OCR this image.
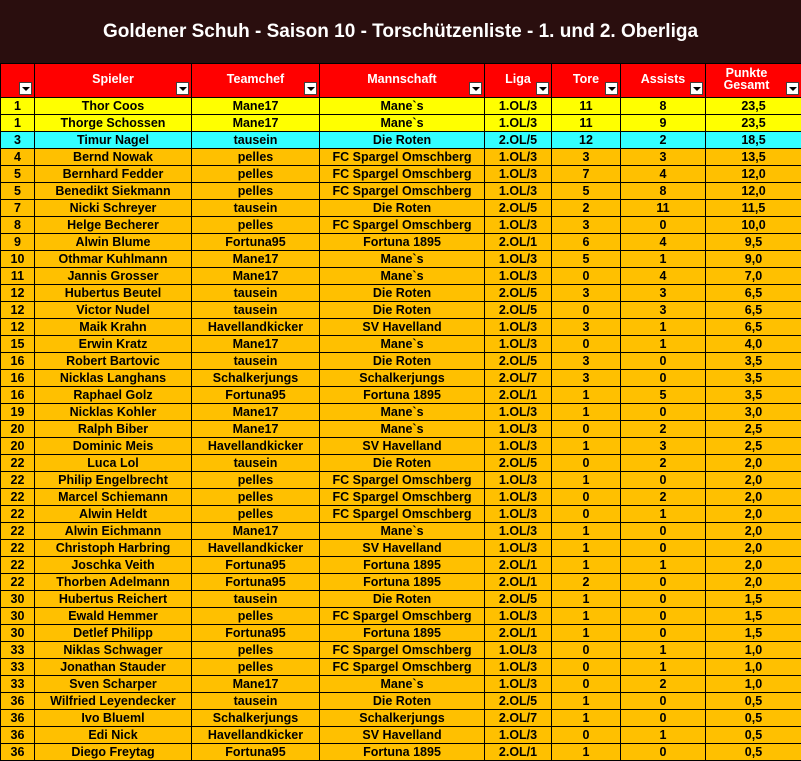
Goldener Schuh - Saison 10 - Torschützenliste - 1. und 2. Oberliga
	Spieler	Teamchef	Mannschaft	Liga	Tore	Assists	Punkte Gesamt

1	Thor Coos	Mane17	Mane`s	1.OL/3	11	8	23,5
1	Thorge Schossen	Mane17	Mane`s	1.OL/3	11	9	23,5
3	Timur Nagel	tausein	Die Roten	2.OL/5	12	2	18,5
4	Bernd Nowak	pelles	FC Spargel Omschberg	1.OL/3	3	3	13,5
5	Bernhard Fedder	pelles	FC Spargel Omschberg	1.OL/3	7	4	12,0
5	Benedikt Siekmann	pelles	FC Spargel Omschberg	1.OL/3	5	8	12,0
7	Nicki Schreyer	tausein	Die Roten	2.OL/5	2	11	11,5
8	Helge Becherer	pelles	FC Spargel Omschberg	1.OL/3	3	0	10,0
9	Alwin Blume	Fortuna95	Fortuna 1895	2.OL/1	6	4	9,5
10	Othmar Kuhlmann	Mane17	Mane`s	1.OL/3	5	1	9,0
11	Jannis Grosser	Mane17	Mane`s	1.OL/3	0	4	7,0
12	Hubertus Beutel	tausein	Die Roten	2.OL/5	3	3	6,5
12	Victor Nudel	tausein	Die Roten	2.OL/5	0	3	6,5
12	Maik Krahn	Havellandkicker	SV Havelland	1.OL/3	3	1	6,5
15	Erwin Kratz	Mane17	Mane`s	1.OL/3	0	1	4,0
16	Robert Bartovic	tausein	Die Roten	2.OL/5	3	0	3,5
16	Nicklas Langhans	Schalkerjungs	Schalkerjungs	2.OL/7	3	0	3,5
16	Raphael Golz	Fortuna95	Fortuna 1895	2.OL/1	1	5	3,5
19	Nicklas Kohler	Mane17	Mane`s	1.OL/3	1	0	3,0
20	Ralph Biber	Mane17	Mane`s	1.OL/3	0	2	2,5
20	Dominic Meis	Havellandkicker	SV Havelland	1.OL/3	1	3	2,5
22	Luca Lol	tausein	Die Roten	2.OL/5	0	2	2,0
22	Philip Engelbrecht	pelles	FC Spargel Omschberg	1.OL/3	1	0	2,0
22	Marcel Schiemann	pelles	FC Spargel Omschberg	1.OL/3	0	2	2,0
22	Alwin Heldt	pelles	FC Spargel Omschberg	1.OL/3	0	1	2,0
22	Alwin Eichmann	Mane17	Mane`s	1.OL/3	1	0	2,0
22	Christoph Harbring	Havellandkicker	SV Havelland	1.OL/3	1	0	2,0
22	Joschka Veith	Fortuna95	Fortuna 1895	2.OL/1	1	1	2,0
22	Thorben Adelmann	Fortuna95	Fortuna 1895	2.OL/1	2	0	2,0
30	Hubertus Reichert	tausein	Die Roten	2.OL/5	1	0	1,5
30	Ewald Hemmer	pelles	FC Spargel Omschberg	1.OL/3	1	0	1,5
30	Detlef Philipp	Fortuna95	Fortuna 1895	2.OL/1	1	0	1,5
33	Niklas Schwager	pelles	FC Spargel Omschberg	1.OL/3	0	1	1,0
33	Jonathan Stauder	pelles	FC Spargel Omschberg	1.OL/3	0	1	1,0
33	Sven Scharper	Mane17	Mane`s	1.OL/3	0	2	1,0
36	Wilfried Leyendecker	tausein	Die Roten	2.OL/5	1	0	0,5
36	Ivo Blueml	Schalkerjungs	Schalkerjungs	2.OL/7	1	0	0,5
36	Edi Nick	Havellandkicker	SV Havelland	1.OL/3	0	1	0,5
36	Diego Freytag	Fortuna95	Fortuna 1895	2.OL/1	1	0	0,5
